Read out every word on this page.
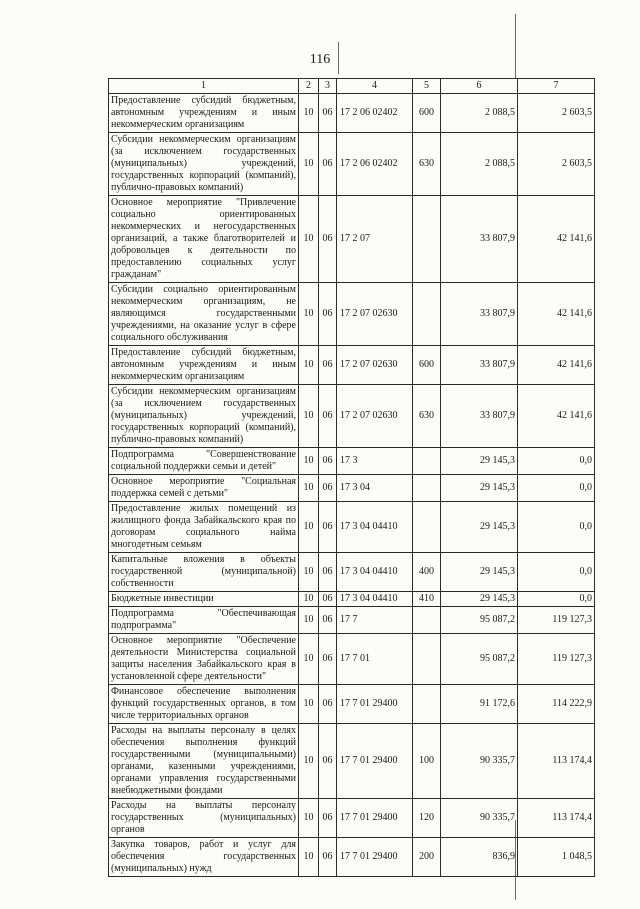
116
1	2	3	4	5	6	7
Предоставление субсидий бюджетным, автономным учреждениям и иным некоммерческим организациям	10	06	17 2 06 02402	600	2 088,5	2 603,5
Субсидии некоммерческим организациям (за исключением государственных (муниципальных) учреждений, государственных корпораций (компаний), публично-правовых компаний)	10	06	17 2 06 02402	630	2 088,5	2 603,5
Основное мероприятие "Привлечение социально ориентированных некоммерческих и негосударственных организаций, а также благотворителей и добровольцев к деятельности по предоставлению социальных услуг гражданам"	10	06	17 2 07		33 807,9	42 141,6
Субсидии социально ориентированным некоммерческим организациям, не являющимся государственными учреждениями, на оказание услуг в сфере социального обслуживания	10	06	17 2 07 02630		33 807,9	42 141,6
Предоставление субсидий бюджетным, автономным учреждениям и иным некоммерческим организациям	10	06	17 2 07 02630	600	33 807,9	42 141,6
Субсидии некоммерческим организациям (за исключением государственных (муниципальных) учреждений, государственных корпораций (компаний), публично-правовых компаний)	10	06	17 2 07 02630	630	33 807,9	42 141,6
Подпрограмма "Совершенствование социальной поддержки семьи и детей"	10	06	17 3		29 145,3	0,0
Основное мероприятие "Социальная поддержка семей с детьми"	10	06	17 3 04		29 145,3	0,0
Предоставление жилых помещений из жилищного фонда Забайкальского края по договорам социального найма многодетным семьям	10	06	17 3 04 04410		29 145,3	0,0
Капитальные вложения в объекты государственной (муниципальной) собственности	10	06	17 3 04 04410	400	29 145,3	0,0
Бюджетные инвестиции	10	06	17 3 04 04410	410	29 145,3	0,0
Подпрограмма "Обеспечивающая подпрограмма"	10	06	17 7		95 087,2	119 127,3
Основное мероприятие "Обеспечение деятельности Министерства социальной защиты населения Забайкальского края в установленной сфере деятельности"	10	06	17 7 01		95 087,2	119 127,3
Финансовое обеспечение выполнения функций государственных органов, в том числе территориальных органов	10	06	17 7 01 29400		91 172,6	114 222,9
Расходы на выплаты персоналу в целях обеспечения выполнения функций государственными (муниципальными) органами, казенными учреждениями, органами управления государственными внебюджетными фондами	10	06	17 7 01 29400	100	90 335,7	113 174,4
Расходы на выплаты персоналу государственных (муниципальных) органов	10	06	17 7 01 29400	120	90 335,7	113 174,4
Закупка товаров, работ и услуг для обеспечения государственных (муниципальных) нужд	10	06	17 7 01 29400	200	836,9	1 048,5
